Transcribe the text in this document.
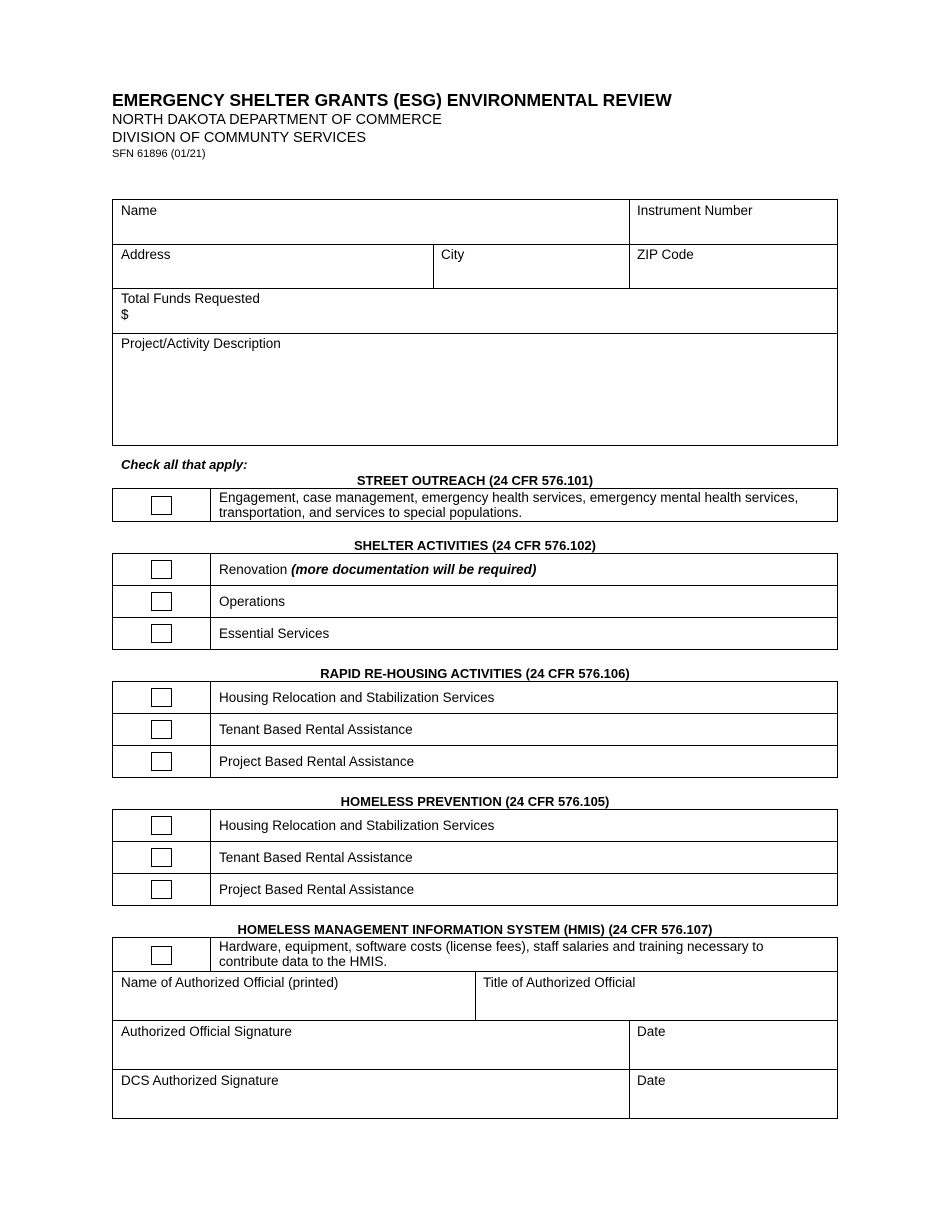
EMERGENCY SHELTER GRANTS (ESG) ENVIRONMENTAL REVIEW
NORTH DAKOTA DEPARTMENT OF COMMERCE
DIVISION OF COMMUNTY SERVICES
SFN 61896 (01/21)
Name	Instrument Number
Address	City	ZIP Code
Total Funds Requested
$
Project/Activity Description
Check all that apply:
STREET OUTREACH (24 CFR 576.101)
Engagement, case management, emergency health services, emergency mental health services, transportation, and services to special populations.
SHELTER ACTIVITIES (24 CFR 576.102)
Renovation (more documentation will be required)
Operations
Essential Services
RAPID RE-HOUSING ACTIVITIES (24 CFR 576.106)
Housing Relocation and Stabilization Services
Tenant Based Rental Assistance
Project Based Rental Assistance
HOMELESS PREVENTION (24 CFR 576.105)
Housing Relocation and Stabilization Services
Tenant Based Rental Assistance
Project Based Rental Assistance
HOMELESS MANAGEMENT INFORMATION SYSTEM (HMIS) (24 CFR 576.107)
Hardware, equipment, software costs (license fees), staff salaries and training necessary to contribute data to the HMIS.
Name of Authorized Official (printed)	Title of Authorized Official
Authorized Official Signature	Date
DCS Authorized Signature	Date
